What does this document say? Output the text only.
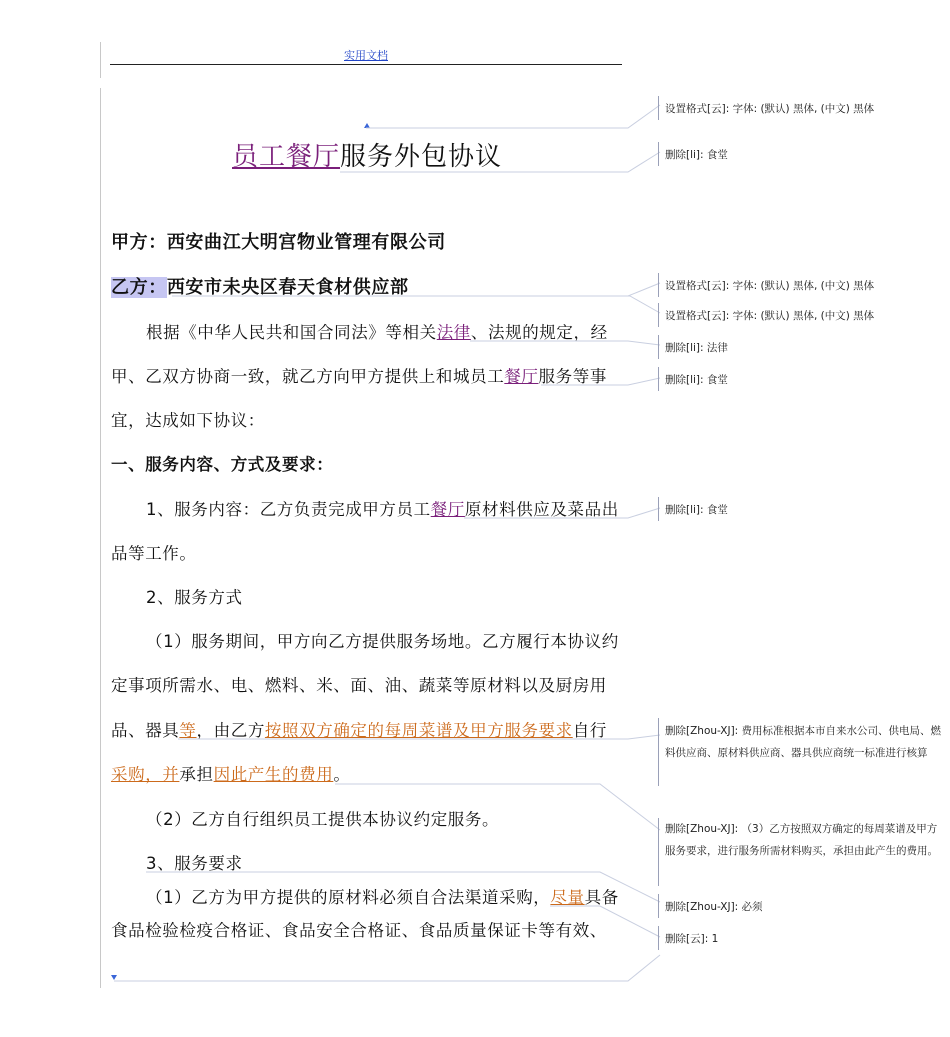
实用文档
员工餐厅服务外包协议
甲方：西安曲江大明宫物业管理有限公司
乙方：西安市未央区春天食材供应部
根据《中华人民共和国合同法》等相关法律、法规的规定，经
甲、乙双方协商一致，就乙方向甲方提供上和城员工餐厅服务等事
宜，达成如下协议：
一、服务内容、方式及要求：
1、服务内容：乙方负责完成甲方员工餐厅原材料供应及菜品出
品等工作。
2、服务方式
（1）服务期间，甲方向乙方提供服务场地。乙方履行本协议约
定事项所需水、电、燃料、米、面、油、蔬菜等原材料以及厨房用
品、器具等，由乙方按照双方确定的每周菜谱及甲方服务要求自行
采购，并承担因此产生的费用。
（2）乙方自行组织员工提供本协议约定服务。
3、服务要求
（1）乙方为甲方提供的原材料必须自合法渠道采购，尽量具备
食品检验检疫合格证、食品安全合格证、食品质量保证卡等有效、
设置格式[云]: 字体: (默认) 黑体, (中文) 黑体
删除[li]: 食堂
设置格式[云]: 字体: (默认) 黑体, (中文) 黑体
设置格式[云]: 字体: (默认) 黑体, (中文) 黑体
删除[li]: 法律
删除[li]: 食堂
删除[li]: 食堂
删除[Zhou-XJ]: 费用标准根据本市自来水公司、供电局、燃料供应商、原材料供应商、器具供应商统一标准进行核算
删除[Zhou-XJ]: （3）乙方按照双方确定的每周菜谱及甲方服务要求，进行服务所需材料购买，承担由此产生的费用。
删除[Zhou-XJ]: 必须
删除[云]: 1
